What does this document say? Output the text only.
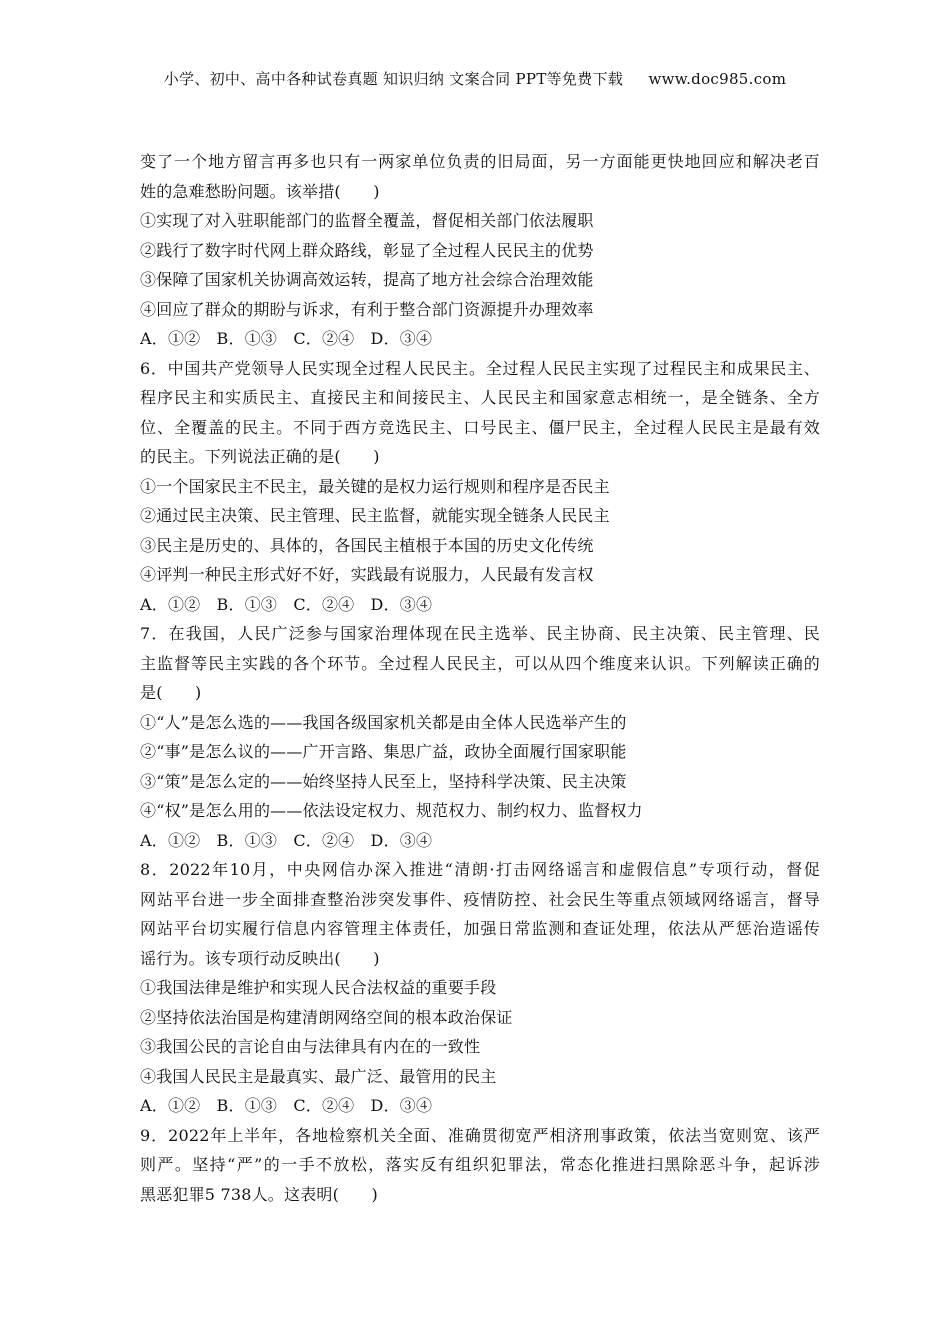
小学、初中、高中各种试卷真题 知识归纳 文案合同 PPT等免费下载     www.doc985.com
变了一个地方留言再多也只有一两家单位负责的旧局面，另一方面能更快地回应和解决老百
姓的急难愁盼问题。该举措(　　)
①实现了对入驻职能部门的监督全覆盖，督促相关部门依法履职
②践行了数字时代网上群众路线，彰显了全过程人民民主的优势
③保障了国家机关协调高效运转，提高了地方社会综合治理效能
④回应了群众的期盼与诉求，有利于整合部门资源提升办理效率
A．①②　B．①③　C．②④　D．③④
6．中国共产党领导人民实现全过程人民民主。全过程人民民主实现了过程民主和成果民主、
程序民主和实质民主、直接民主和间接民主、人民民主和国家意志相统一，是全链条、全方
位、全覆盖的民主。不同于西方竞选民主、口号民主、僵尸民主，全过程人民民主是最有效
的民主。下列说法正确的是(　　)
①一个国家民主不民主，最关键的是权力运行规则和程序是否民主
②通过民主决策、民主管理、民主监督，就能实现全链条人民民主
③民主是历史的、具体的，各国民主植根于本国的历史文化传统
④评判一种民主形式好不好，实践最有说服力，人民最有发言权
A．①②　B．①③　C．②④　D．③④
7．在我国，人民广泛参与国家治理体现在民主选举、民主协商、民主决策、民主管理、民
主监督等民主实践的各个环节。全过程人民民主，可以从四个维度来认识。下列解读正确的
是(　　)
①“人”是怎么选的——我国各级国家机关都是由全体人民选举产生的
②“事”是怎么议的——广开言路、集思广益，政协全面履行国家职能
③“策”是怎么定的——始终坚持人民至上，坚持科学决策、民主决策
④“权”是怎么用的——依法设定权力、规范权力、制约权力、监督权力
A．①②　B．①③　C．②④　D．③④
8．2022年10月，中央网信办深入推进“清朗·打击网络谣言和虚假信息”专项行动，督促
网站平台进一步全面排查整治涉突发事件、疫情防控、社会民生等重点领域网络谣言，督导
网站平台切实履行信息内容管理主体责任，加强日常监测和查证处理，依法从严惩治造谣传
谣行为。该专项行动反映出(　　)
①我国法律是维护和实现人民合法权益的重要手段
②坚持依法治国是构建清朗网络空间的根本政治保证
③我国公民的言论自由与法律具有内在的一致性
④我国人民民主是最真实、最广泛、最管用的民主
A．①②　B．①③　C．②④　D．③④
9．2022年上半年，各地检察机关全面、准确贯彻宽严相济刑事政策，依法当宽则宽、该严
则严。坚持“严”的一手不放松，落实反有组织犯罪法，常态化推进扫黑除恶斗争，起诉涉
黑恶犯罪5 738人。这表明(　　)
